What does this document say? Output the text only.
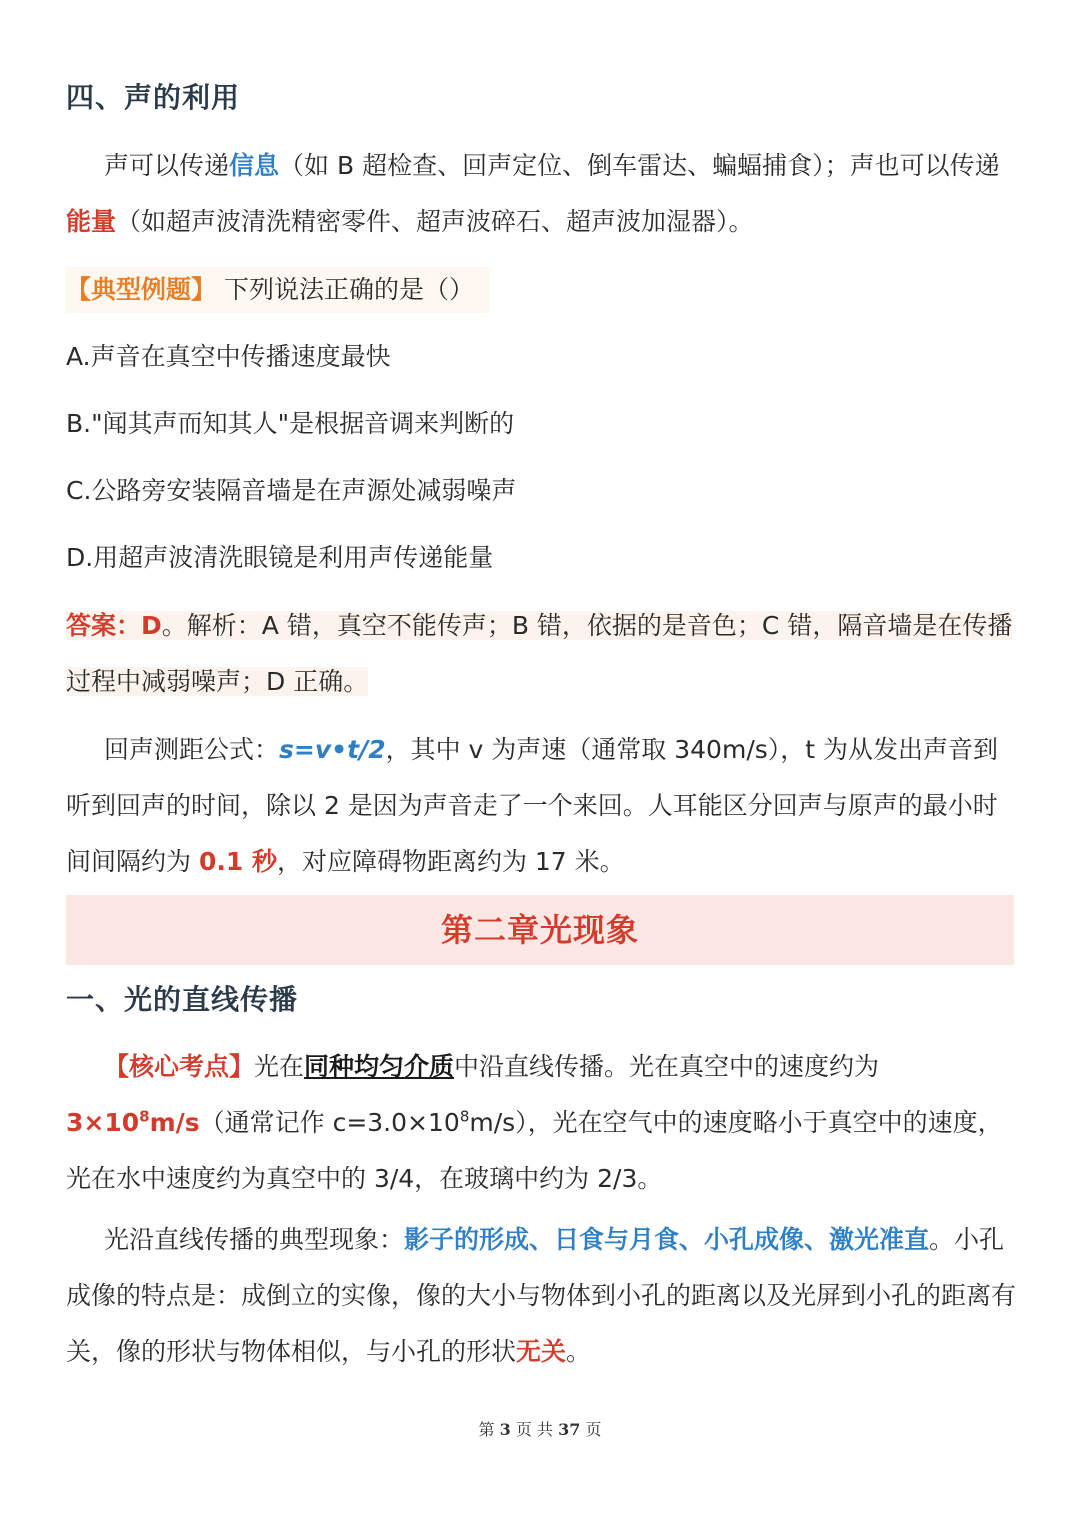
四、声的利用
声可以传递信息（如 B 超检查、回声定位、倒车雷达、蝙蝠捕食）；声也可以传递能量（如超声波清洗精密零件、超声波碎石、超声波加湿器）。
【典型例题】 下列说法正确的是（）
A.声音在真空中传播速度最快
B."闻其声而知其人"是根据音调来判断的
C.公路旁安装隔音墙是在声源处减弱噪声
D.用超声波清洗眼镜是利用声传递能量
答案：D。解析：A 错，真空不能传声；B 错，依据的是音色；C 错，隔音墙是在传播过程中减弱噪声；D 正确。
回声测距公式：s=v•t/2，其中 v 为声速（通常取 340m/s），t 为从发出声音到听到回声的时间，除以 2 是因为声音走了一个来回。人耳能区分回声与原声的最小时间间隔约为 0.1 秒，对应障碍物距离约为 17 米。
第二章光现象
一、光的直线传播
【核心考点】光在同种均匀介质中沿直线传播。光在真空中的速度约为 $3\times 10^8m/s$（通常记作 $c=3.0\times 10^8m/s$），光在空气中的速度略小于真空中的速度，光在水中速度约为真空中的 3/4，在玻璃中约为 2/3。
光沿直线传播的典型现象：影子的形成、日食与月食、小孔成像、激光准直。小孔成像的特点是：成倒立的实像，像的大小与物体到小孔的距离以及光屏到小孔的距离有关，像的形状与物体相似，与小孔的形状无关。
第 3 页 共 37 页
